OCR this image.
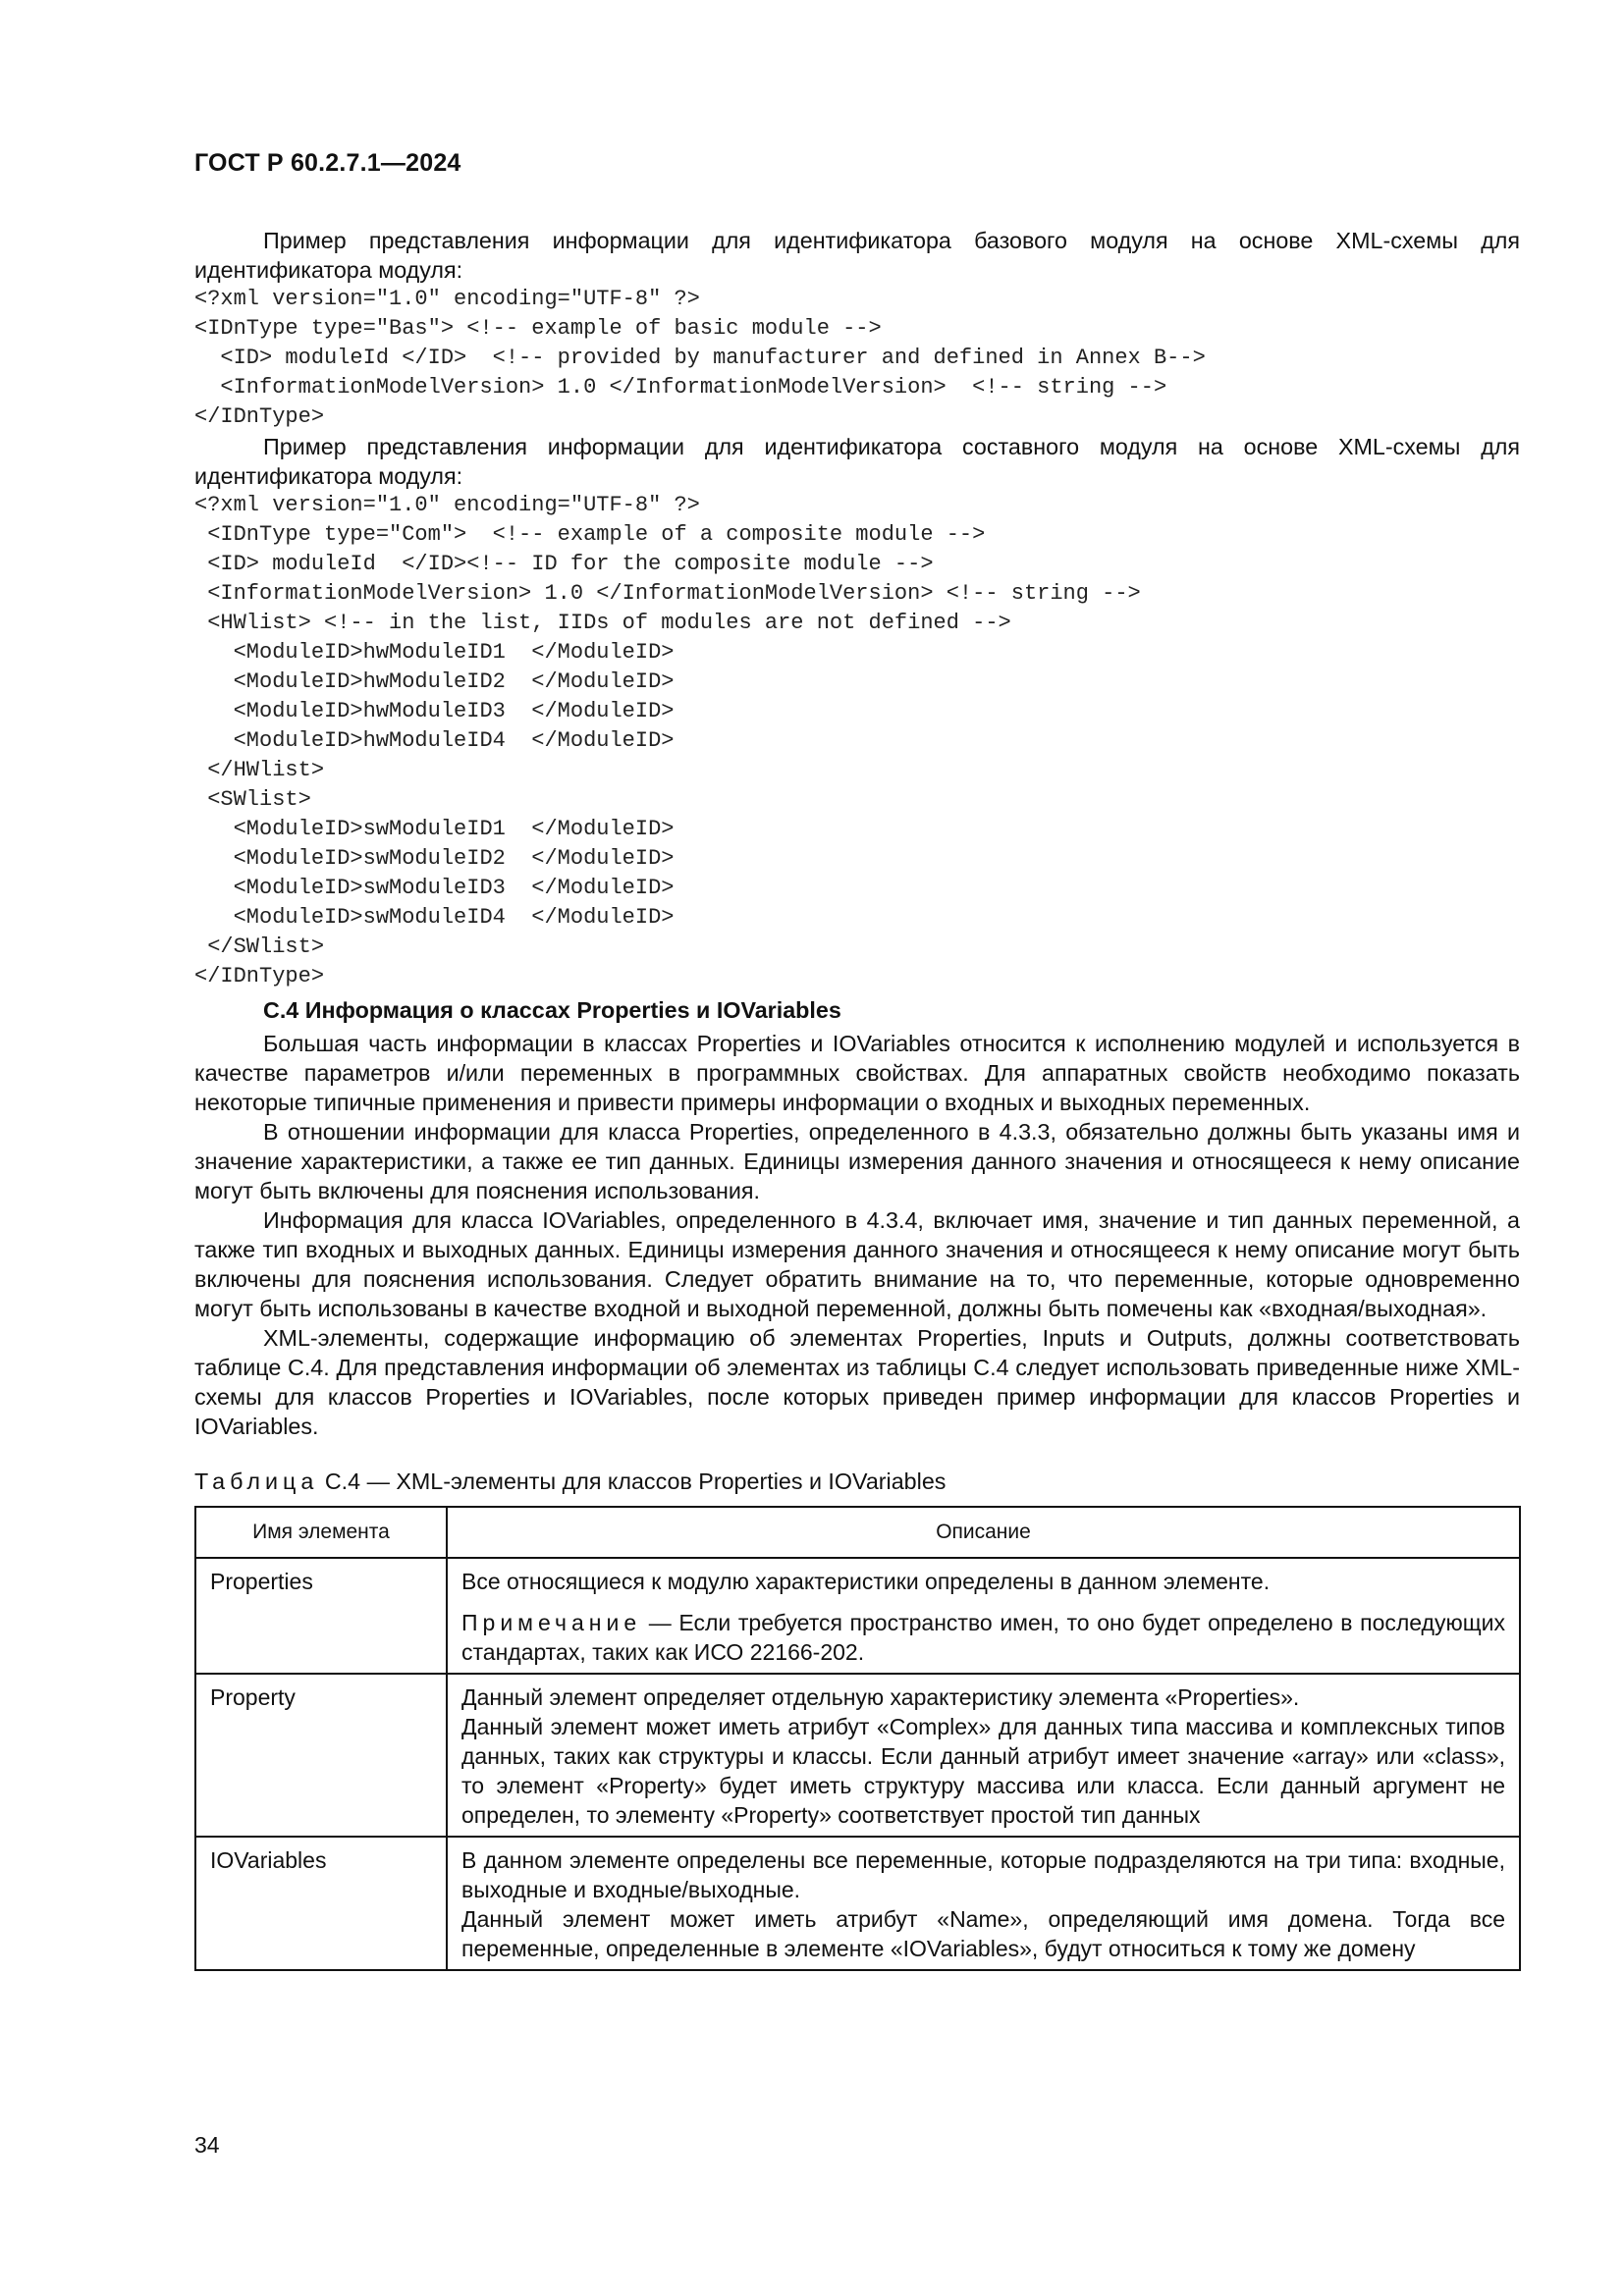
ГОСТ Р 60.2.7.1—2024

Пример представления информации для идентификатора базового модуля на основе XML-схемы для идентификатора модуля:

<?xml version="1.0" encoding="UTF-8" ?>
<IDnType type="Bas"> <!-- example of basic module -->
<ID> moduleId </ID>  <!-- provided by manufacturer and defined in Annex B-->
<InformationModelVersion> 1.0 </InformationModelVersion>  <!-- string -->
</IDnType>

Пример представления информации для идентификатора составного модуля на основе XML-схемы для идентификатора модуля:

<?xml version="1.0" encoding="UTF-8" ?>
<IDnType type="Com">  <!-- example of a composite module -->
<ID> moduleId  </ID><!-- ID for the composite module -->
<InformationModelVersion> 1.0 </InformationModelVersion> <!-- string -->
<HWlist> <!-- in the list, IIDs of modules are not defined -->
<ModuleID>hwModuleID1  </ModuleID>
<ModuleID>hwModuleID2  </ModuleID>
<ModuleID>hwModuleID3  </ModuleID>
<ModuleID>hwModuleID4  </ModuleID>
</HWlist>
<SWlist>
<ModuleID>swModuleID1  </ModuleID>
<ModuleID>swModuleID2  </ModuleID>
<ModuleID>swModuleID3  </ModuleID>
<ModuleID>swModuleID4  </ModuleID>
</SWlist>
</IDnType>
С.4 Информация о классах Properties и IOVariables

Большая часть информации в классах Properties и IOVariables относится к исполнению модулей и используется в качестве параметров и/или переменных в программных свойствах. Для аппаратных свойств необходимо показать некоторые типичные применения и привести примеры информации о входных и выходных переменных.

В отношении информации для класса Properties, определенного в 4.3.3, обязательно должны быть указаны имя и значение характеристики, а также ее тип данных. Единицы измерения данного значения и относящееся к нему описание могут быть включены для пояснения использования.

Информация для класса IOVariables, определенного в 4.3.4, включает имя, значение и тип данных переменной, а также тип входных и выходных данных. Единицы измерения данного значения и относящееся к нему описание могут быть включены для пояснения использования. Следует обратить внимание на то, что переменные, которые одновременно могут быть использованы в качестве входной и выходной переменной, должны быть помечены как «входная/выходная».

XML-элементы, содержащие информацию об элементах Properties, Inputs и Outputs, должны соответствовать таблице С.4. Для представления информации об элементах из таблицы С.4 следует использовать приведенные ниже XML-схемы для классов Properties и IOVariables, после которых приведен пример информации для классов Properties и IOVariables.

Таблица С.4 — XML-элементы для классов Properties и IOVariables
Имя элемента	Описание
Properties	Все относящиеся к модулю характеристики определены в данном элементе.
Примечание — Если требуется пространство имен, то оно будет определено в последующих стандартах, таких как ИСО 22166-202.

Property	Данный элемент определяет отдельную характеристику элемента «Properties».
Данный элемент может иметь атрибут «Complex» для данных типа массива и комплексных типов данных, таких как структуры и классы. Если данный атрибут имеет значение «array» или «class», то элемент «Property» будет иметь структуру массива или класса. Если данный аргумент не определен, то элементу «Property» соответствует простой тип данных

IOVariables	В данном элементе определены все переменные, которые подразделяются на три типа: входные, выходные и входные/выходные.
Данный элемент может иметь атрибут «Name», определяющий имя домена. Тогда все переменные, определенные в элементе «IOVariables», будут относиться к тому же домену
34
